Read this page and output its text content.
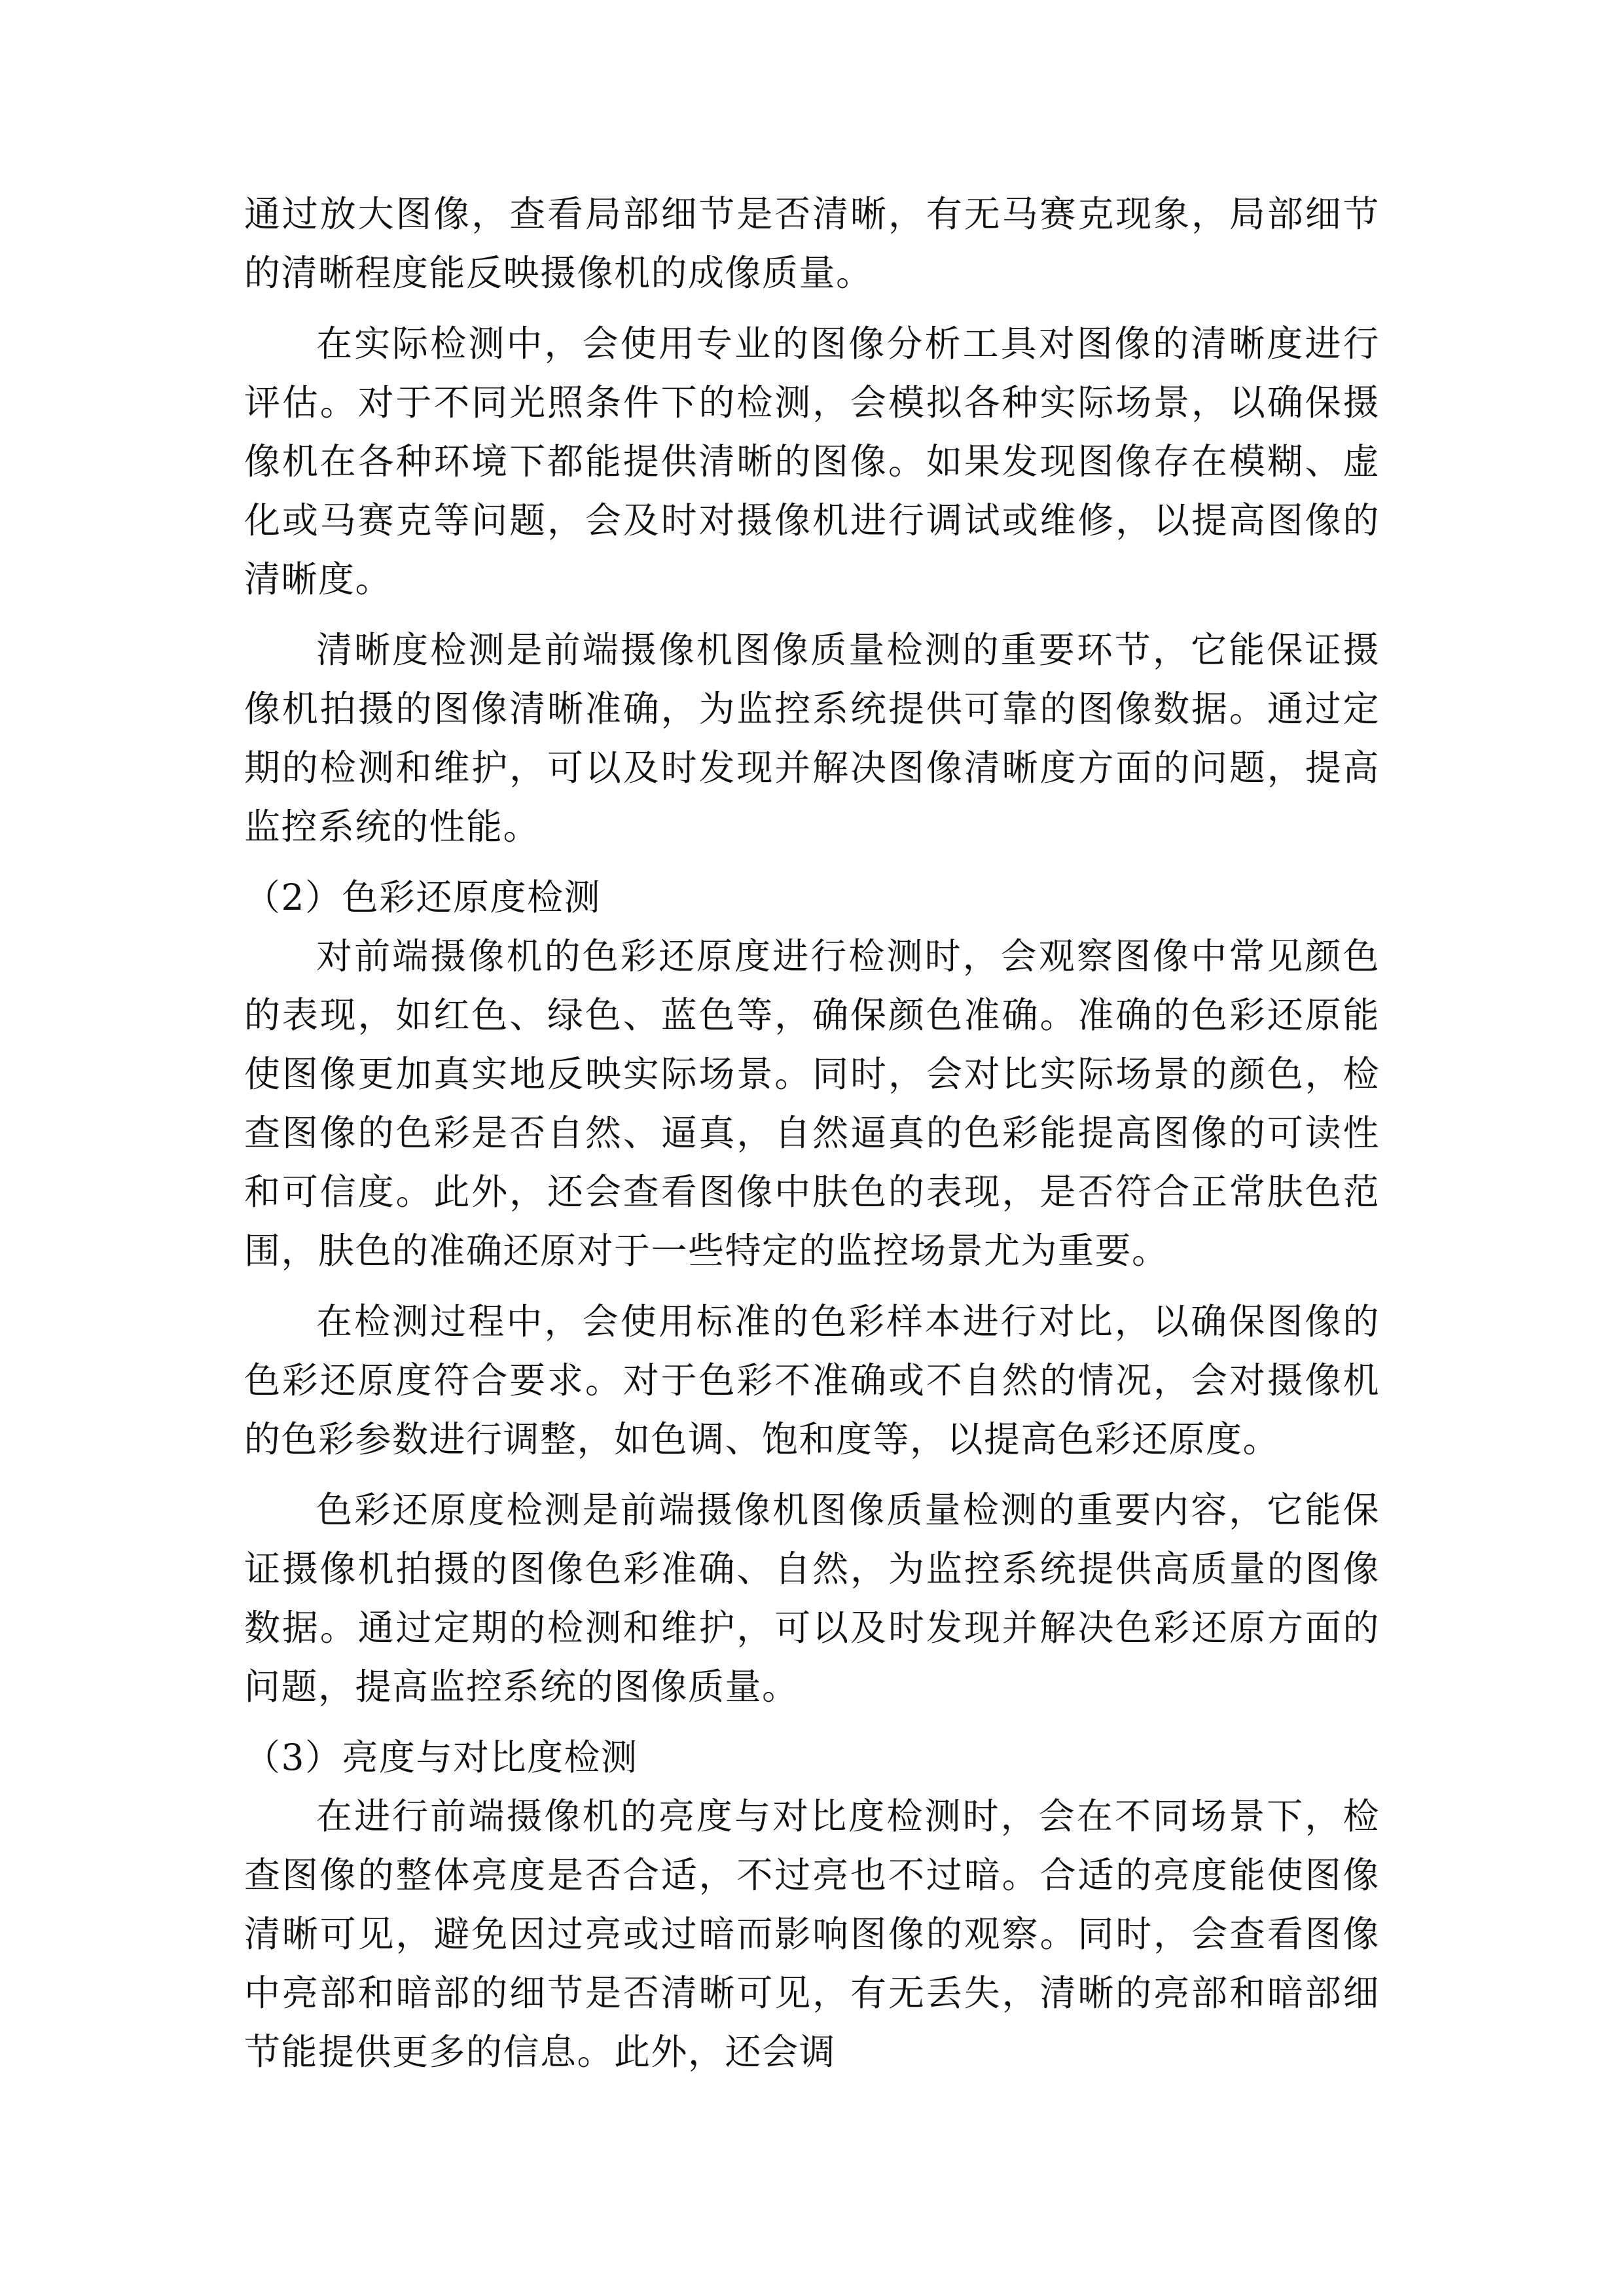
通过放大图像，查看局部细节是否清晰，有无马赛克现象，局部细节的清晰程度能反映摄像机的成像质量。

在实际检测中，会使用专业的图像分析工具对图像的清晰度进行评估。对于不同光照条件下的检测，会模拟各种实际场景，以确保摄像机在各种环境下都能提供清晰的图像。如果发现图像存在模糊、虚化或马赛克等问题，会及时对摄像机进行调试或维修，以提高图像的清晰度。

清晰度检测是前端摄像机图像质量检测的重要环节，它能保证摄像机拍摄的图像清晰准确，为监控系统提供可靠的图像数据。通过定期的检测和维护，可以及时发现并解决图像清晰度方面的问题，提高监控系统的性能。

（2）色彩还原度检测

对前端摄像机的色彩还原度进行检测时，会观察图像中常见颜色的表现，如红色、绿色、蓝色等，确保颜色准确。准确的色彩还原能使图像更加真实地反映实际场景。同时，会对比实际场景的颜色，检查图像的色彩是否自然、逼真，自然逼真的色彩能提高图像的可读性和可信度。此外，还会查看图像中肤色的表现，是否符合正常肤色范围，肤色的准确还原对于一些特定的监控场景尤为重要。

在检测过程中，会使用标准的色彩样本进行对比，以确保图像的色彩还原度符合要求。对于色彩不准确或不自然的情况，会对摄像机的色彩参数进行调整，如色调、饱和度等，以提高色彩还原度。

色彩还原度检测是前端摄像机图像质量检测的重要内容，它能保证摄像机拍摄的图像色彩准确、自然，为监控系统提供高质量的图像数据。通过定期的检测和维护，可以及时发现并解决色彩还原方面的问题，提高监控系统的图像质量。

（3）亮度与对比度检测

在进行前端摄像机的亮度与对比度检测时，会在不同场景下，检查图像的整体亮度是否合适，不过亮也不过暗。合适的亮度能使图像清晰可见，避免因过亮或过暗而影响图像的观察。同时，会查看图像中亮部和暗部的细节是否清晰可见，有无丢失，清晰的亮部和暗部细节能提供更多的信息。此外，还会调
